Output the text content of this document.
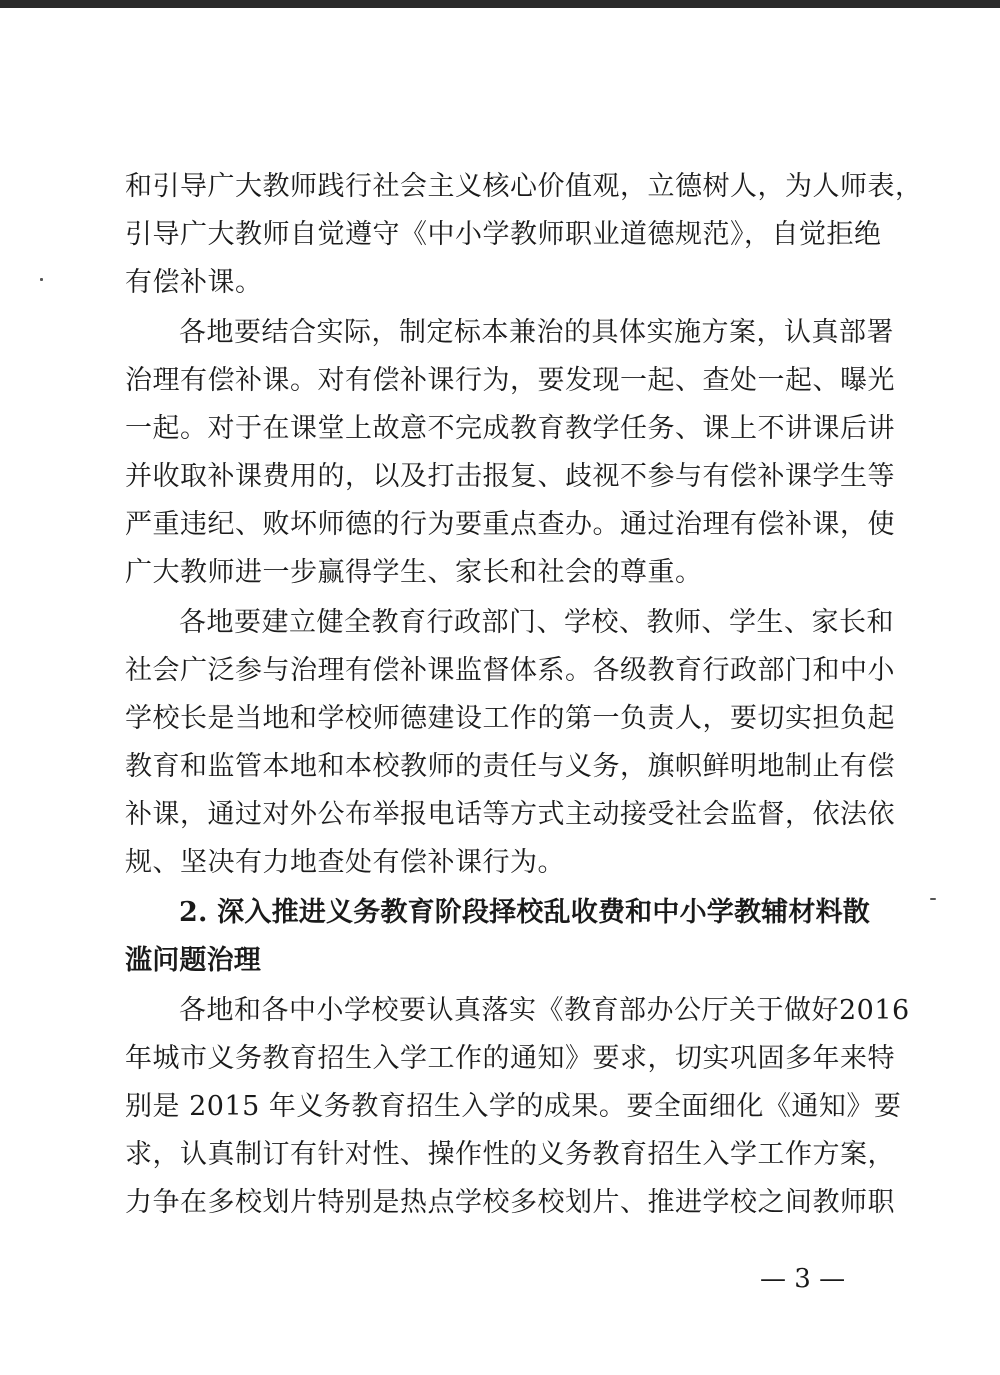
和引导广大教师践行社会主义核心价值观，立德树人，为人师表，
引导广大教师自觉遵守《中小学教师职业道德规范》，自觉拒绝
有偿补课。
各地要结合实际，制定标本兼治的具体实施方案，认真部署
治理有偿补课。对有偿补课行为，要发现一起、查处一起、曝光
一起。对于在课堂上故意不完成教育教学任务、课上不讲课后讲
并收取补课费用的，以及打击报复、歧视不参与有偿补课学生等
严重违纪、败坏师德的行为要重点查办。通过治理有偿补课，使
广大教师进一步赢得学生、家长和社会的尊重。
各地要建立健全教育行政部门、学校、教师、学生、家长和
社会广泛参与治理有偿补课监督体系。各级教育行政部门和中小
学校长是当地和学校师德建设工作的第一负责人，要切实担负起
教育和监管本地和本校教师的责任与义务，旗帜鲜明地制止有偿
补课，通过对外公布举报电话等方式主动接受社会监督，依法依
规、坚决有力地查处有偿补课行为。
2. 深入推进义务教育阶段择校乱收费和中小学教辅材料散
滥问题治理
各地和各中小学校要认真落实《教育部办公厅关于做好2016
年城市义务教育招生入学工作的通知》要求，切实巩固多年来特
别是 2015 年义务教育招生入学的成果。要全面细化《通知》要
求，认真制订有针对性、操作性的义务教育招生入学工作方案，
力争在多校划片特别是热点学校多校划片、推进学校之间教师职
— 3 —
